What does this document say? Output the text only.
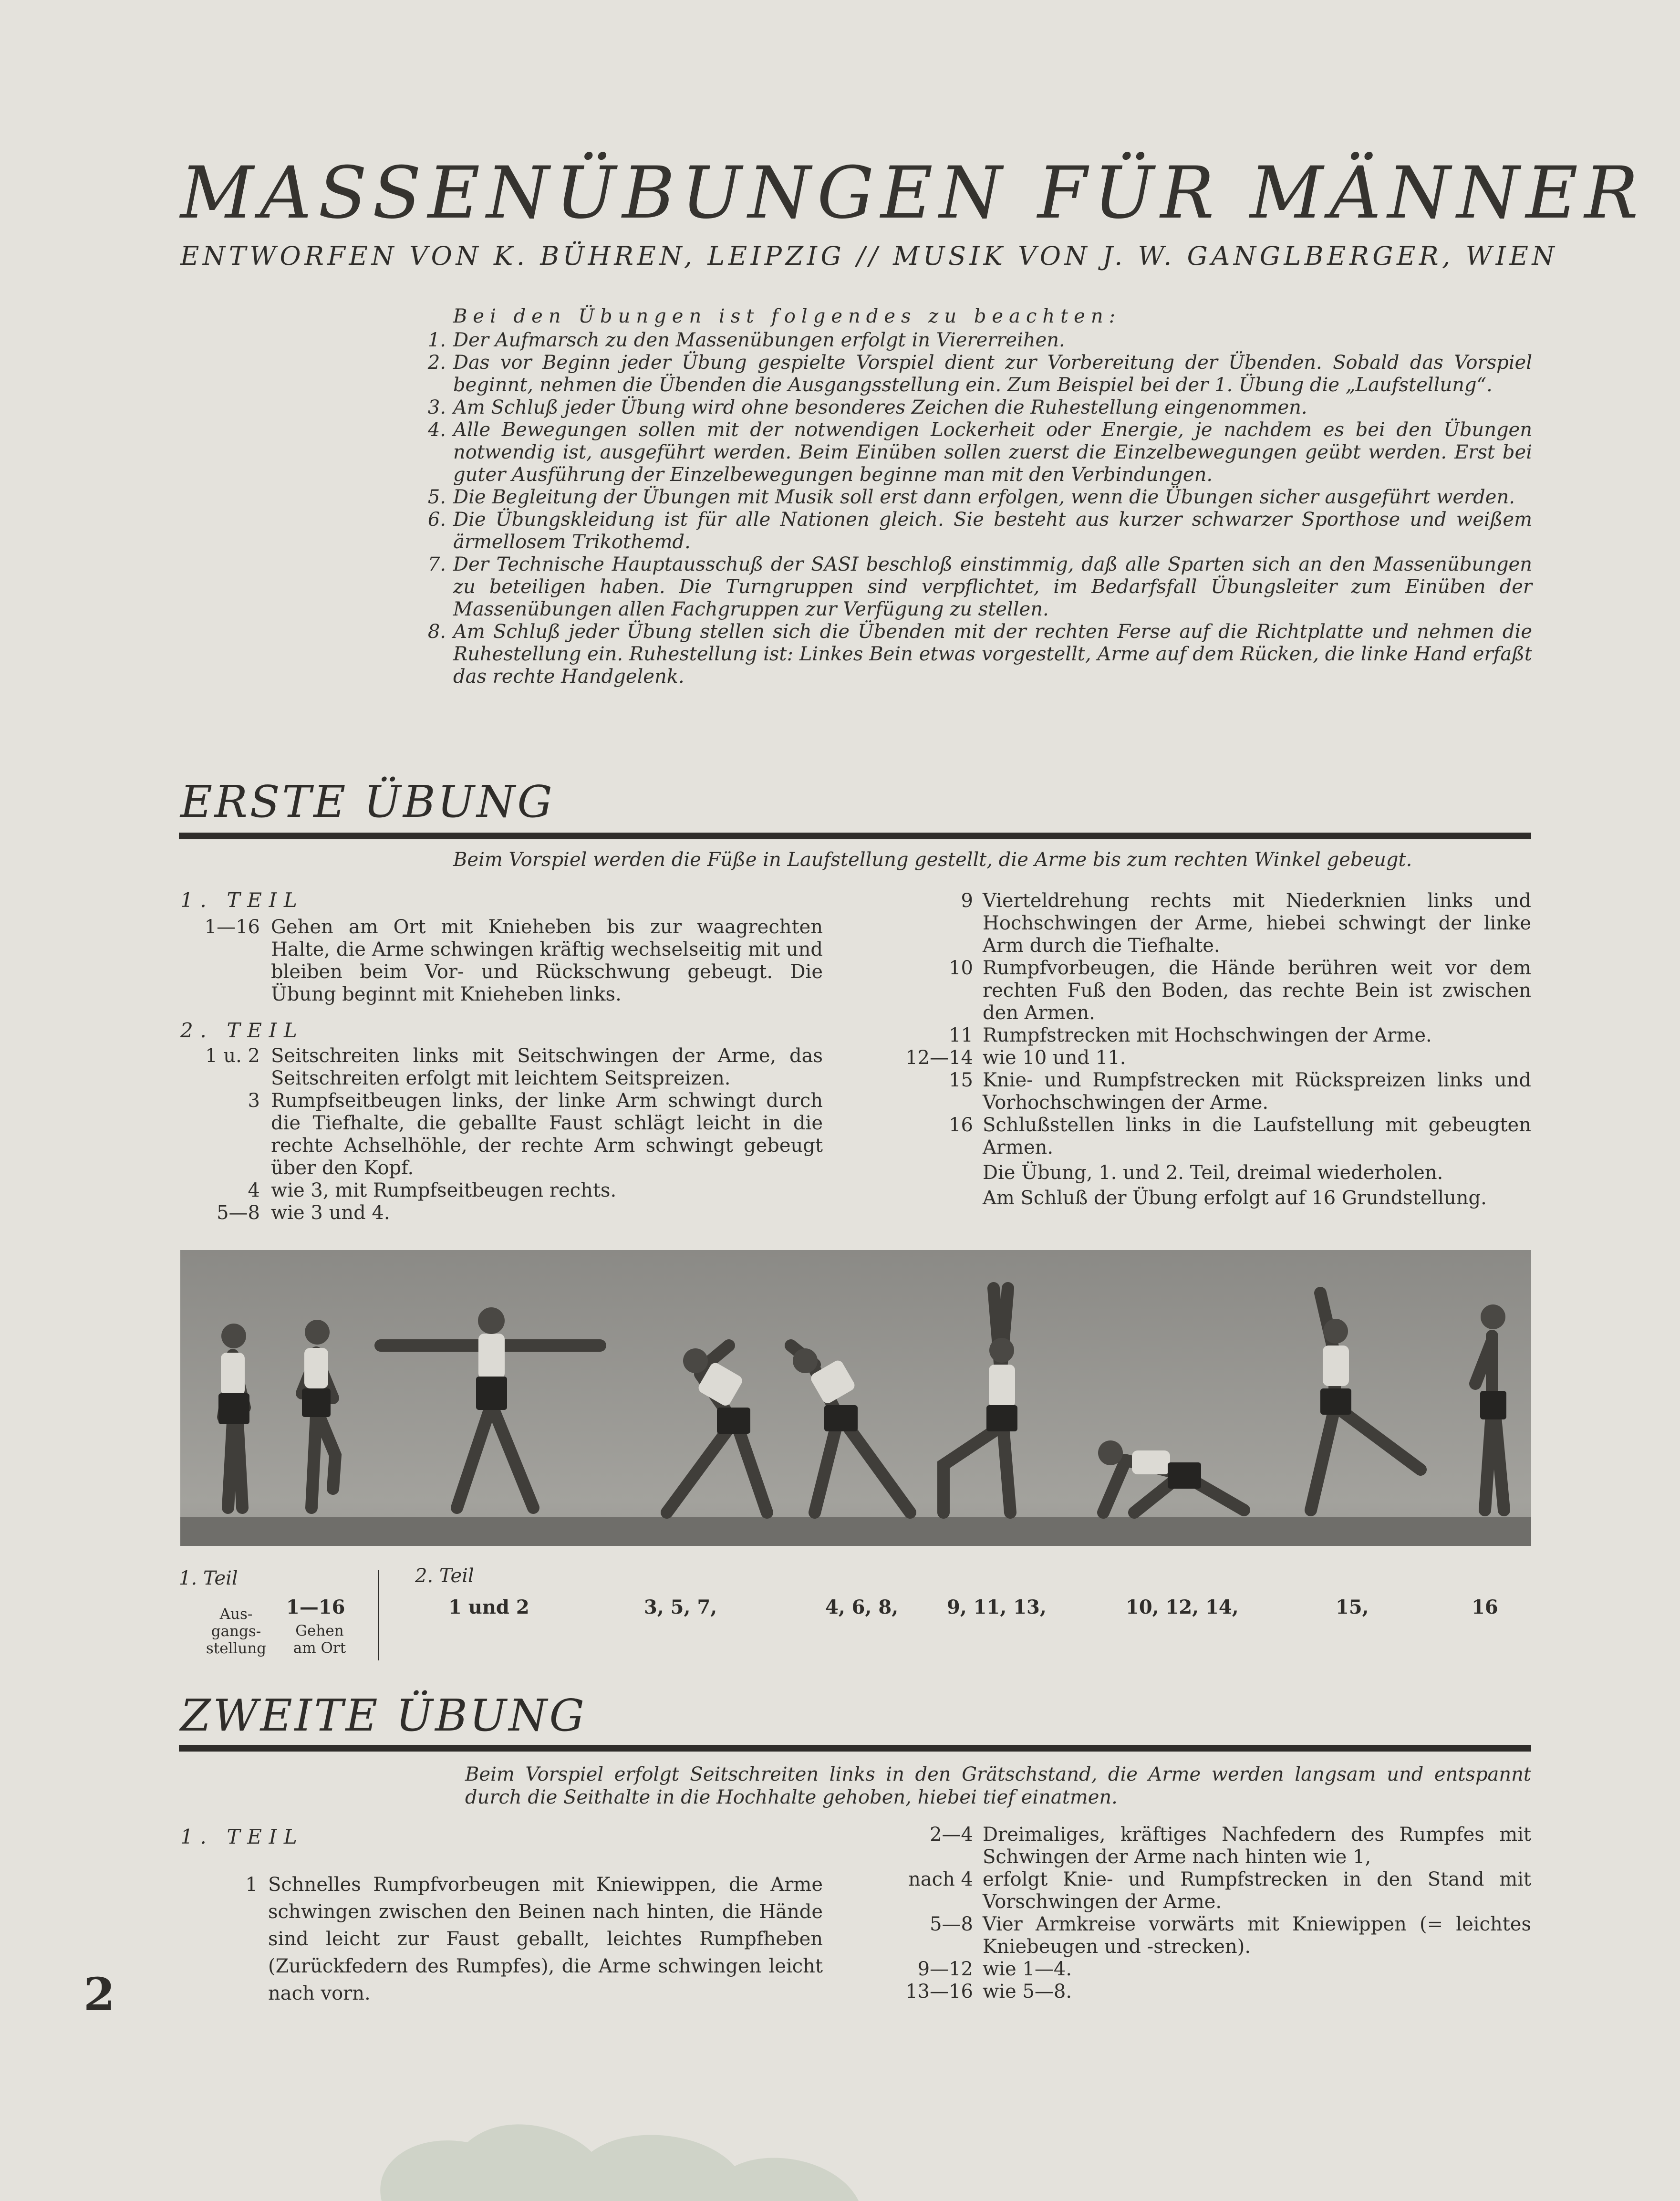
MASSENÜBUNGEN FÜR MÄNNER
ENTWORFEN VON K. BÜHREN, LEIPZIG // MUSIK VON J. W. GANGLBERGER, WIEN
Bei den Übungen ist folgendes zu beachten:

1. Der Aufmarsch zu den Massenübungen erfolgt in Viererreihen.

2. Das vor Beginn jeder Übung gespielte Vorspiel dient zur Vorbereitung der Übenden. Sobald das Vorspiel beginnt, nehmen die Übenden die Ausgangsstellung ein. Zum Beispiel bei der 1. Übung die „Laufstellung“.

3. Am Schluß jeder Übung wird ohne besonderes Zeichen die Ruhestellung eingenommen.

4. Alle Bewegungen sollen mit der notwendigen Lockerheit oder Energie, je nachdem es bei den Übungen notwendig ist, ausgeführt werden. Beim Einüben sollen zuerst die Einzelbewegungen geübt werden. Erst bei guter Ausführung der Einzelbewegungen beginne man mit den Verbindungen.

5. Die Begleitung der Übungen mit Musik soll erst dann erfolgen, wenn die Übungen sicher ausgeführt werden.

6. Die Übungskleidung ist für alle Nationen gleich. Sie besteht aus kurzer schwarzer Sporthose und weißem ärmellosem Trikothemd.

7. Der Technische Hauptausschuß der SASI beschloß einstimmig, daß alle Sparten sich an den Massenübungen zu beteiligen haben. Die Turngruppen sind verpflichtet, im Bedarfsfall Übungsleiter zum Einüben der Massenübungen allen Fachgruppen zur Verfügung zu stellen.

8. Am Schluß jeder Übung stellen sich die Übenden mit der rechten Ferse auf die Richtplatte und nehmen die Ruhestellung ein. Ruhestellung ist: Linkes Bein etwas vorgestellt, Arme auf dem Rücken, die linke Hand erfaßt das rechte Handgelenk.

ERSTE ÜBUNG
Beim Vorspiel werden die Füße in Laufstellung gestellt, die Arme bis zum rechten Winkel gebeugt.
1. TEIL
1—16 Gehen am Ort mit Knieheben bis zur waagrechten Halte, die Arme schwingen kräftig wechselseitig mit und bleiben beim Vor- und Rückschwung gebeugt. Die Übung beginnt mit Knieheben links.
2. TEIL
1 u. 2 Seitschreiten links mit Seitschwingen der Arme, das Seitschreiten erfolgt mit leichtem Seitspreizen.
3 Rumpfseitbeugen links, der linke Arm schwingt durch die Tiefhalte, die geballte Faust schlägt leicht in die rechte Achselhöhle, der rechte Arm schwingt gebeugt über den Kopf.
4 wie 3, mit Rumpfseitbeugen rechts.
5—8 wie 3 und 4.
9 Vierteldrehung rechts mit Niederknien links und Hochschwingen der Arme, hiebei schwingt der linke Arm durch die Tiefhalte.
10 Rumpfvorbeugen, die Hände berühren weit vor dem rechten Fuß den Boden, das rechte Bein ist zwischen den Armen.
11 Rumpfstrecken mit Hochschwingen der Arme.
12—14 wie 10 und 11.
15 Knie- und Rumpfstrecken mit Rückspreizen links und Vorhochschwingen der Arme.
16 Schlußstellen links in die Laufstellung mit gebeugten Armen.
Die Übung, 1. und 2. Teil, dreimal wiederholen.
Am Schluß der Übung erfolgt auf 16 Grundstellung.
1. Teil	2. Teil
Aus- gangs- stellung
1—16
Gehen am Ort
1 und 2	3, 5, 7,	4, 6, 8,	9, 11, 13,	10, 12, 14,	15,	16
ZWEITE ÜBUNG
Beim Vorspiel erfolgt Seitschreiten links in den Grätschstand, die Arme werden langsam und entspannt durch die Seithalte in die Hochhalte gehoben, hiebei tief einatmen.
1. TEIL
1 Schnelles Rumpfvorbeugen mit Kniewippen, die Arme schwingen zwischen den Beinen nach hinten, die Hände sind leicht zur Faust geballt, leichtes Rumpfheben (Zurückfedern des Rumpfes), die Arme schwingen leicht nach vorn.
2—4 Dreimaliges, kräftiges Nachfedern des Rumpfes mit Schwingen der Arme nach hinten wie 1,
nach 4 erfolgt Knie- und Rumpfstrecken in den Stand mit Vorschwingen der Arme.
5—8 Vier Armkreise vorwärts mit Kniewippen (= leichtes Kniebeugen und -strecken).
9—12 wie 1—4.
13—16 wie 5—8.
2
